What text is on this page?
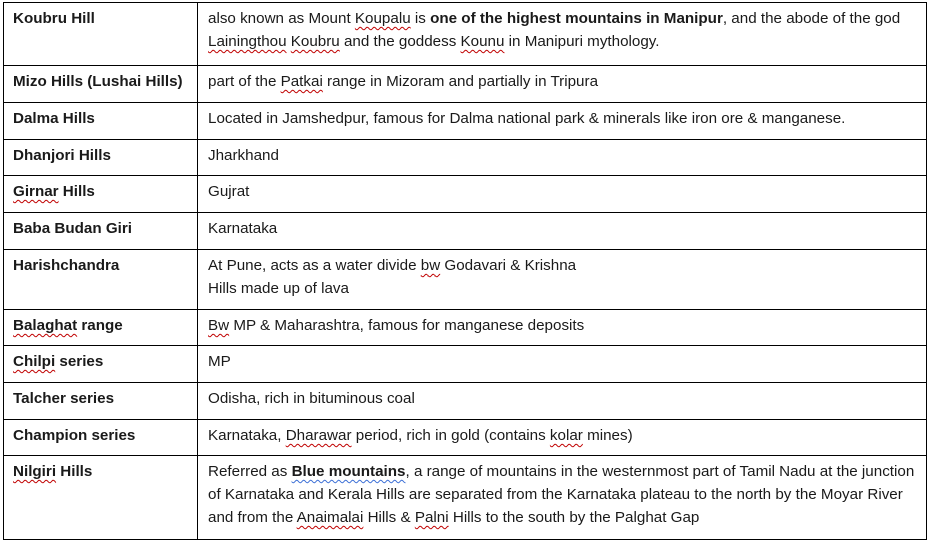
Koubru Hill	also known as Mount Koupalu is one of the highest mountains in Manipur, and the abode of the god Lainingthou Koubru and the goddess Kounu in Manipuri mythology.
Mizo Hills (Lushai Hills)	part of the Patkai range in Mizoram and partially in Tripura
Dalma Hills	Located in Jamshedpur, famous for Dalma national park & minerals like iron ore & manganese.
Dhanjori Hills	Jharkhand
Girnar Hills	Gujrat
Baba Budan Giri	Karnataka
Harishchandra	At Pune, acts as a water divide bw Godavari & Krishna
Hills made up of lava

Balaghat range	Bw MP & Maharashtra, famous for manganese deposits
Chilpi series	MP
Talcher series	Odisha, rich in bituminous coal
Champion series	Karnataka, Dharawar period, rich in gold (contains kolar mines)
Nilgiri Hills	Referred as Blue mountains, a range of mountains in the westernmost part of Tamil Nadu at the junction of Karnataka and Kerala Hills are separated from the Karnataka plateau to the north by the Moyar River and from the Anaimalai Hills & Palni Hills to the south by the Palghat Gap
